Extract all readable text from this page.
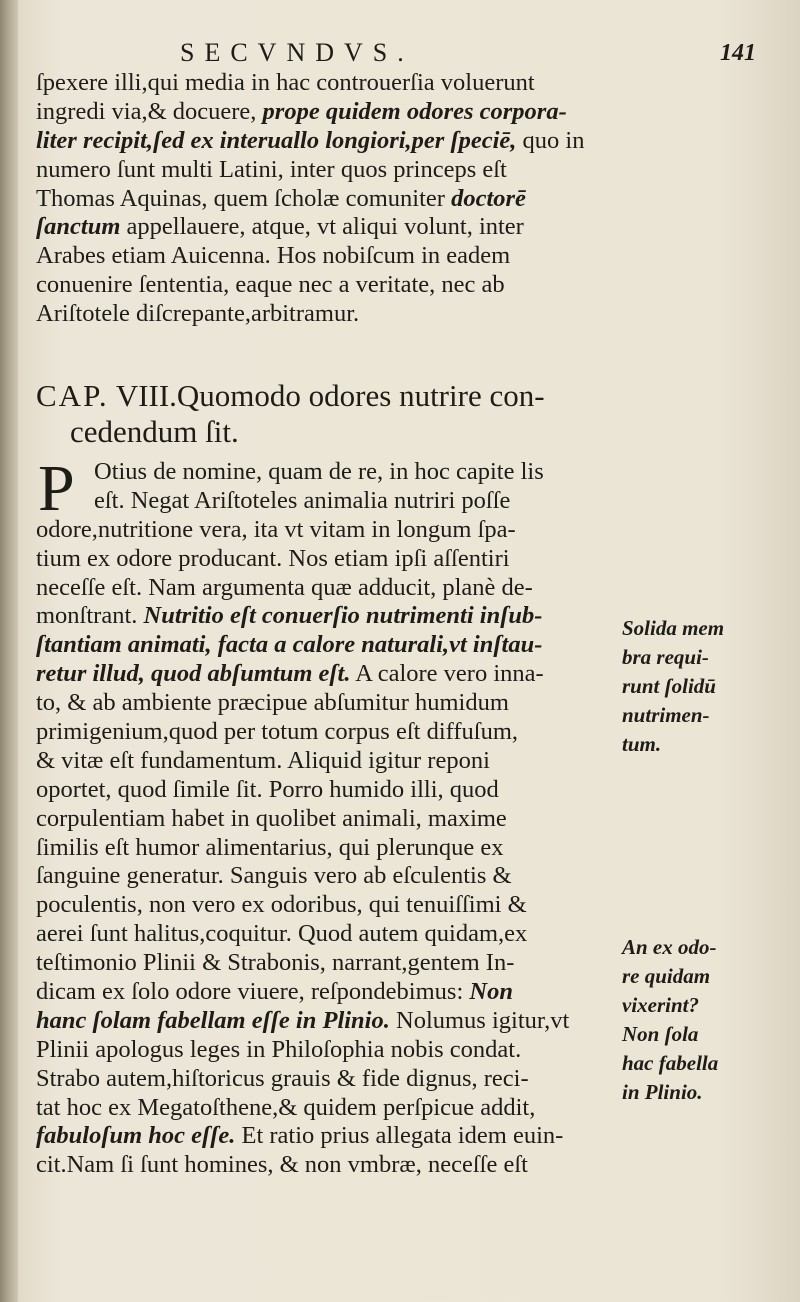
SECVNDVS.	141
ſpexere illi,qui media in hac controuerſia voluerunt
ingredi via,& docuere, prope quidem odores corpora-
liter recipit,ſed ex interuallo longiori,per ſpeciē, quo in
numero ſunt multi Latini, inter quos princeps eſt
Thomas Aquinas, quem ſcholæ comuniter doctorē
ſanctum appellauere, atque, vt aliqui volunt, inter
Arabes etiam Auicenna. Hos nobiſcum in eadem
conuenire ſententia, eaque nec a veritate, nec ab
Ariſtotele diſcrepante,arbitramur.
CAP. VIII.Quomodo odores nutrire con-
cedendum ſit.
P Otius de nomine, quam de re, in hoc capite lis
eſt. Negat Ariſtoteles animalia nutriri poſſe
odore,nutritione vera, ita vt vitam in longum ſpa-
tium ex odore producant. Nos etiam ipſi aſſentiri
neceſſe eſt. Nam argumenta quæ adducit, planè de-
monſtrant. Nutritio eſt conuerſio nutrimenti inſub-
ſtantiam animati, facta a calore naturali,vt inſtau-
retur illud, quod abſumtum eſt. A calore vero inna-
to, & ab ambiente præcipue abſumitur humidum
primigenium,quod per totum corpus eſt diffuſum,
& vitæ eſt fundamentum. Aliquid igitur reponi
oportet, quod ſimile ſit. Porro humido illi, quod
corpulentiam habet in quolibet animali, maxime
ſimilis eſt humor alimentarius, qui plerunque ex
ſanguine generatur. Sanguis vero ab eſculentis &
poculentis, non vero ex odoribus, qui tenuiſſimi &
aerei ſunt halitus,coquitur. Quod autem quidam,ex
teſtimonio Plinii & Strabonis, narrant,gentem In-
dicam ex ſolo odore viuere, reſpondebimus: Non
hanc ſolam fabellam eſſe in Plinio. Nolumus igitur,vt
Plinii apologus leges in Philoſophia nobis condat.
Strabo autem,hiſtoricus grauis & fide dignus, reci-
tat hoc ex Megatoſthene,& quidem perſpicue addit,
fabuloſum hoc eſſe. Et ratio prius allegata idem euin-
cit.Nam ſi ſunt homines, & non vmbræ, neceſſe eſt
Solida mem
bra requi-
runt ſolidū
nutrimen-
tum.
An ex odo-
re quidam
vixerint?
Non ſola
hac fabella
in Plinio.
